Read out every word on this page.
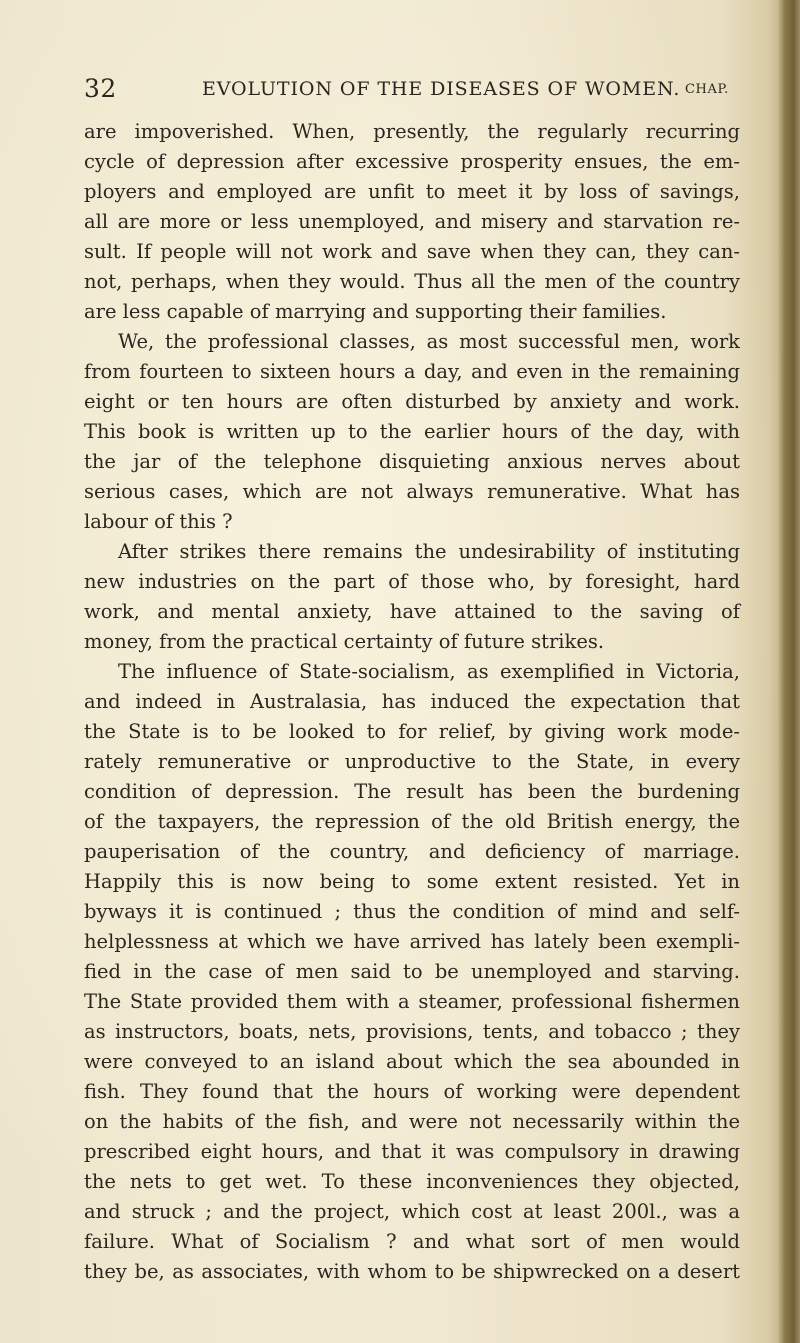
32	EVOLUTION OF THE DISEASES OF WOMEN. CHAP.
are impoverished. When, presently, the regularly recurring
cycle of depression after excessive prosperity ensues, the em-
ployers and employed are unfit to meet it by loss of savings,
all are more or less unemployed, and misery and starvation re-
sult. If people will not work and save when they can, they can-
not, perhaps, when they would. Thus all the men of the country
are less capable of marrying and supporting their families.
We, the professional classes, as most successful men, work
from fourteen to sixteen hours a day, and even in the remaining
eight or ten hours are often disturbed by anxiety and work.
This book is written up to the earlier hours of the day, with
the jar of the telephone disquieting anxious nerves about
serious cases, which are not always remunerative. What has
labour of this ?
After strikes there remains the undesirability of instituting
new industries on the part of those who, by foresight, hard
work, and mental anxiety, have attained to the saving of
money, from the practical certainty of future strikes.
The influence of State-socialism, as exemplified in Victoria,
and indeed in Australasia, has induced the expectation that
the State is to be looked to for relief, by giving work mode-
rately remunerative or unproductive to the State, in every
condition of depression. The result has been the burdening
of the taxpayers, the repression of the old British energy, the
pauperisation of the country, and deficiency of marriage.
Happily this is now being to some extent resisted. Yet in
byways it is continued ; thus the condition of mind and self-
helplessness at which we have arrived has lately been exempli-
fied in the case of men said to be unemployed and starving.
The State provided them with a steamer, professional fishermen
as instructors, boats, nets, provisions, tents, and tobacco ; they
were conveyed to an island about which the sea abounded in
fish. They found that the hours of working were dependent
on the habits of the fish, and were not necessarily within the
prescribed eight hours, and that it was compulsory in drawing
the nets to get wet. To these inconveniences they objected,
and struck ; and the project, which cost at least 200l., was a
failure. What of Socialism ? and what sort of men would
they be, as associates, with whom to be shipwrecked on a desert
